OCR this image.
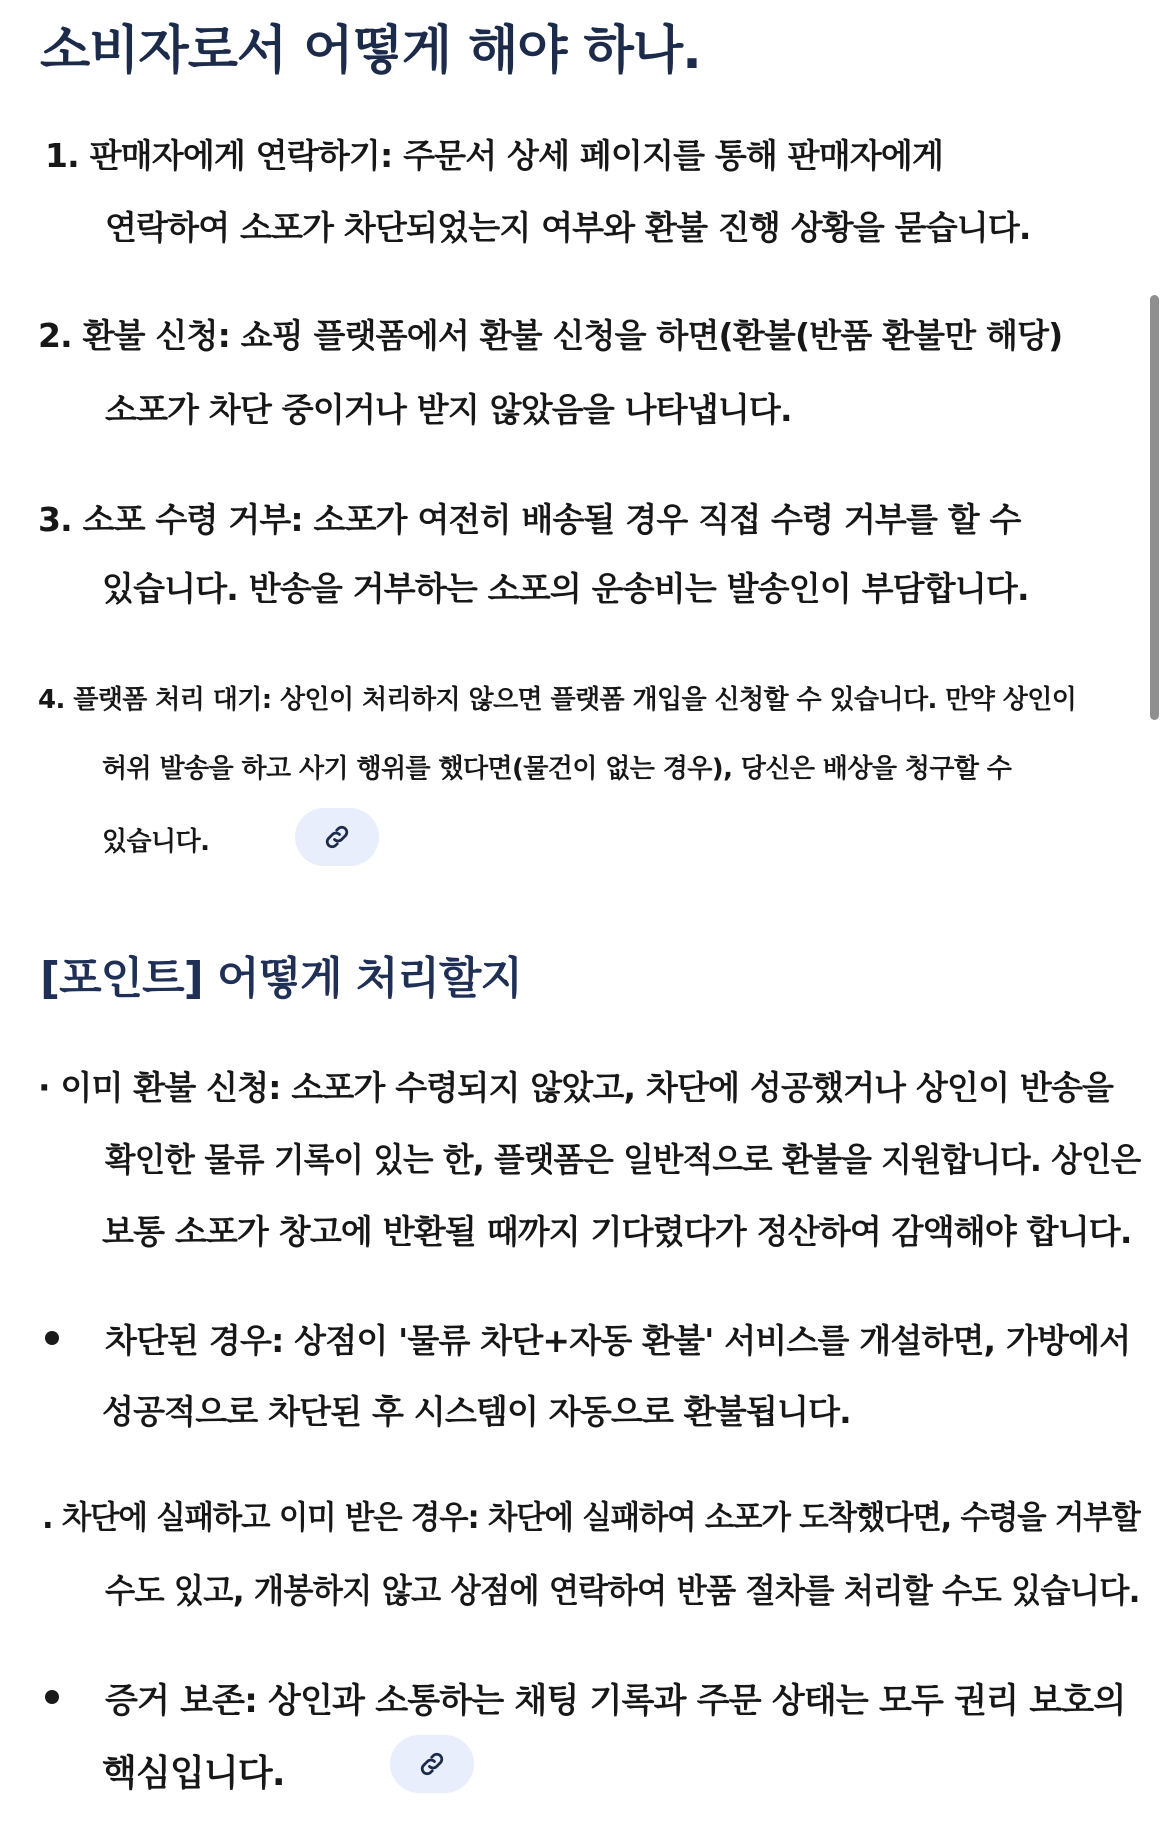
소비자로서 어떻게 해야 하나.

1. 판매자에게 연락하기: 주문서 상세 페이지를 통해 판매자에게

연락하여 소포가 차단되었는지 여부와 환불 진행 상황을 묻습니다.

2. 환불 신청: 쇼핑 플랫폼에서 환불 신청을 하면(환불(반품 환불만 해당)

소포가 차단 중이거나 받지 않았음을 나타냅니다.

3. 소포 수령 거부: 소포가 여전히 배송될 경우 직접 수령 거부를 할 수

있습니다. 반송을 거부하는 소포의 운송비는 발송인이 부담합니다.

4. 플랫폼 처리 대기: 상인이 처리하지 않으면 플랫폼 개입을 신청할 수 있습니다. 만약 상인이

허위 발송을 하고 사기 행위를 했다면(물건이 없는 경우), 당신은 배상을 청구할 수

있습니다.

[포인트] 어떻게 처리할지

· 이미 환불 신청: 소포가 수령되지 않았고, 차단에 성공했거나 상인이 반송을

확인한 물류 기록이 있는 한, 플랫폼은 일반적으로 환불을 지원합니다. 상인은

보통 소포가 창고에 반환될 때까지 기다렸다가 정산하여 감액해야 합니다.

차단된 경우: 상점이 '물류 차단+자동 환불' 서비스를 개설하면, 가방에서

성공적으로 차단된 후 시스템이 자동으로 환불됩니다.

. 차단에 실패하고 이미 받은 경우: 차단에 실패하여 소포가 도착했다면, 수령을 거부할

수도 있고, 개봉하지 않고 상점에 연락하여 반품 절차를 처리할 수도 있습니다.

증거 보존: 상인과 소통하는 채팅 기록과 주문 상태는 모두 권리 보호의

핵심입니다.
